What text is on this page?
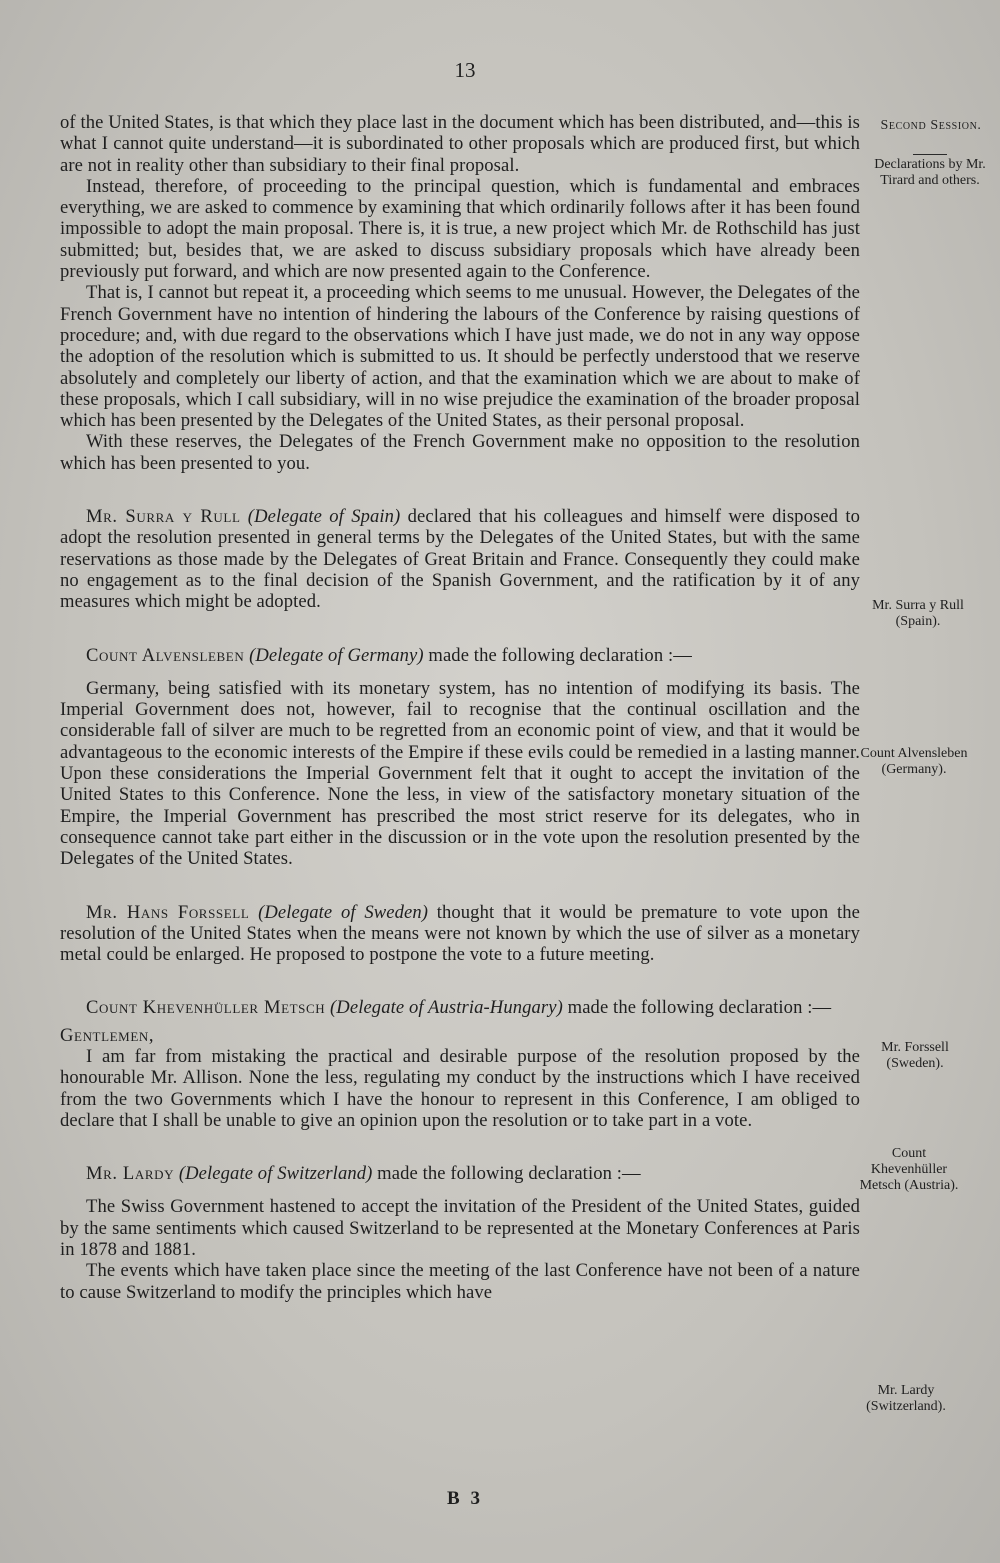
13

of the United States, is that which they place last in the document which has been distributed, and—this is what I cannot quite understand—it is subordinated to other proposals which are produced first, but which are not in reality other than subsidiary to their final proposal.

Instead, therefore, of proceeding to the principal question, which is fundamental and embraces everything, we are asked to commence by examining that which ordinarily follows after it has been found impossible to adopt the main proposal. There is, it is true, a new project which Mr. de Rothschild has just submitted; but, besides that, we are asked to discuss subsidiary proposals which have already been previously put forward, and which are now presented again to the Conference.

That is, I cannot but repeat it, a proceeding which seems to me unusual. However, the Delegates of the French Government have no intention of hindering the labours of the Conference by raising questions of procedure; and, with due regard to the observations which I have just made, we do not in any way oppose the adoption of the resolution which is submitted to us. It should be perfectly understood that we reserve absolutely and completely our liberty of action, and that the examination which we are about to make of these proposals, which I call subsidiary, will in no wise prejudice the examination of the broader proposal which has been presented by the Delegates of the United States, as their personal proposal.

With these reserves, the Delegates of the French Government make no opposition to the resolution which has been presented to you.

Mr. Surra y Rull (Delegate of Spain) declared that his colleagues and himself were disposed to adopt the resolution presented in general terms by the Delegates of the United States, but with the same reservations as those made by the Delegates of Great Britain and France. Consequently they could make no engagement as to the final decision of the Spanish Government, and the ratification by it of any measures which might be adopted.

Count Alvensleben (Delegate of Germany) made the following declaration :—

Germany, being satisfied with its monetary system, has no intention of modifying its basis. The Imperial Government does not, however, fail to recognise that the continual oscillation and the considerable fall of silver are much to be regretted from an economic point of view, and that it would be advantageous to the economic interests of the Empire if these evils could be remedied in a lasting manner. Upon these considerations the Imperial Government felt that it ought to accept the invitation of the United States to this Conference. None the less, in view of the satisfactory monetary situation of the Empire, the Imperial Government has prescribed the most strict reserve for its delegates, who in consequence cannot take part either in the discussion or in the vote upon the resolution presented by the Delegates of the United States.

Mr. Hans Forssell (Delegate of Sweden) thought that it would be premature to vote upon the resolution of the United States when the means were not known by which the use of silver as a monetary metal could be enlarged. He proposed to postpone the vote to a future meeting.

Count Khevenhüller Metsch (Delegate of Austria-Hungary) made the following declaration :—

Gentlemen,

I am far from mistaking the practical and desirable purpose of the resolution proposed by the honourable Mr. Allison. None the less, regulating my conduct by the instructions which I have received from the two Governments which I have the honour to represent in this Conference, I am obliged to declare that I shall be unable to give an opinion upon the resolution or to take part in a vote.

Mr. Lardy (Delegate of Switzerland) made the following declaration :—

The Swiss Government hastened to accept the invitation of the President of the United States, guided by the same sentiments which caused Switzerland to be represented at the Monetary Conferences at Paris in 1878 and 1881.

The events which have taken place since the meeting of the last Conference have not been of a nature to cause Switzerland to modify the principles which have

Second Session.
Declarations by Mr. Tirard and others.
Mr. Surra y Rull (Spain).
Count Alvensleben (Germany).
Mr. Forssell (Sweden).
Count Khevenhüller Metsch (Austria).
Mr. Lardy (Switzerland).
B 3
